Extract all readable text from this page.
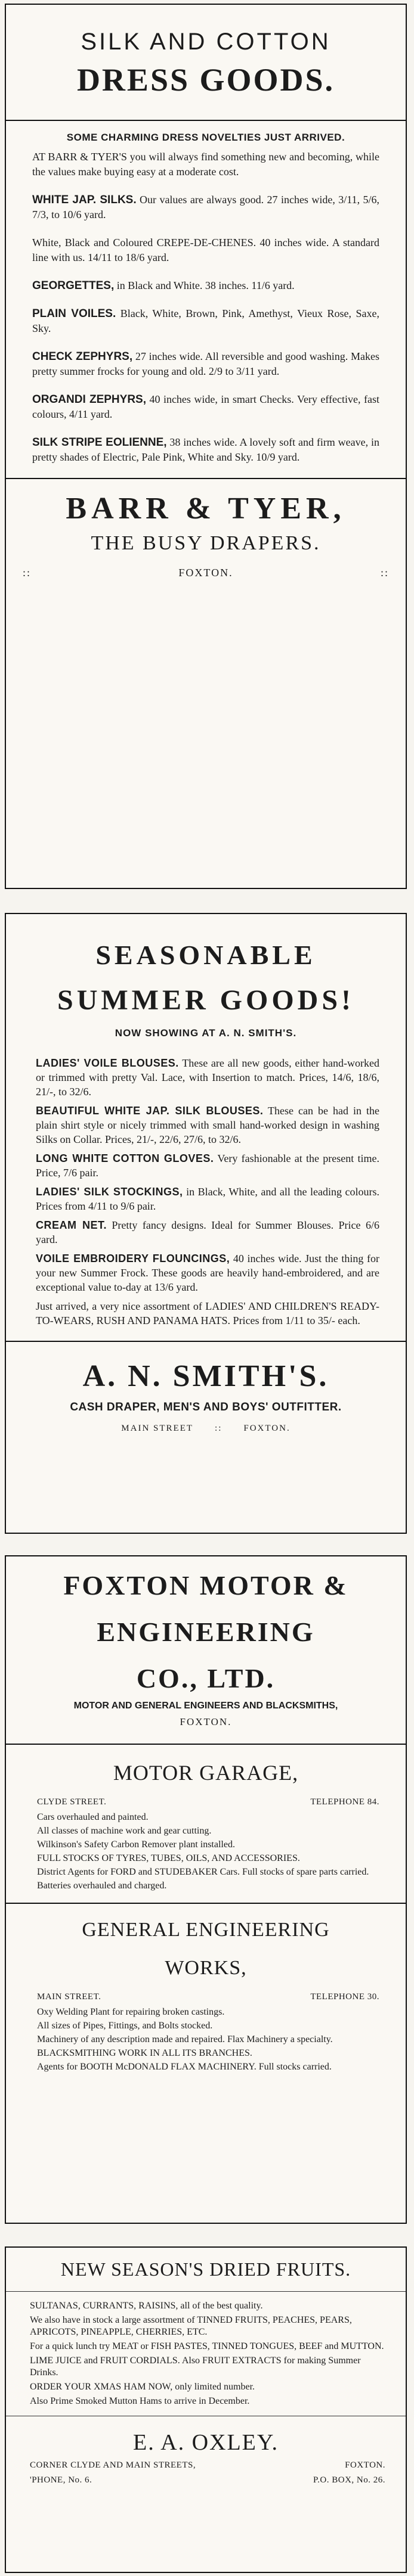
SILK AND COTTON
DRESS GOODS.
SOME CHARMING DRESS NOVELTIES JUST ARRIVED.
AT BARR & TYER'S you will always find something new and becoming, while the values make buying easy at a moderate cost.
WHITE JAP. SILKS. Our values are always good. 27 inches wide, 3/11, 5/6, 7/3, to 10/6 yard.
White, Black and Coloured CREPE-DE-CHENES. 40 inches wide. A standard line with us. 14/11 to 18/6 yard.
GEORGETTES, in Black and White. 38 inches. 11/6 yard.
PLAIN VOILES. Black, White, Brown, Pink, Amethyst, Vieux Rose, Saxe, Sky.
CHECK ZEPHYRS, 27 inches wide. All reversible and good washing. Makes pretty summer frocks for young and old. 2/9 to 3/11 yard.
ORGANDI ZEPHYRS, 40 inches wide, in smart Checks. Very effective, fast colours, 4/11 yard.
SILK STRIPE EOLIENNE, 38 inches wide. A lovely soft and firm weave, in pretty shades of Electric, Pale Pink, White and Sky. 10/9 yard.
BARR & TYER,
THE BUSY DRAPERS.
::	FOXTON.	::
SEASONABLE
SUMMER GOODS!
NOW SHOWING AT A. N. SMITH'S.
LADIES' VOILE BLOUSES. These are all new goods, either hand-worked or trimmed with pretty Val. Lace, with Insertion to match. Prices, 14/6, 18/6, 21/-, to 32/6.
BEAUTIFUL WHITE JAP. SILK BLOUSES. These can be had in the plain shirt style or nicely trimmed with small hand-worked design in washing Silks on Collar. Prices, 21/-, 22/6, 27/6, to 32/6.
LONG WHITE COTTON GLOVES. Very fashionable at the present time. Price, 7/6 pair.
LADIES' SILK STOCKINGS, in Black, White, and all the leading colours. Prices from 4/11 to 9/6 pair.
CREAM NET. Pretty fancy designs. Ideal for Summer Blouses. Price 6/6 yard.
VOILE EMBROIDERY FLOUNCINGS, 40 inches wide. Just the thing for your new Summer Frock. These goods are heavily hand-embroidered, and are exceptional value to-day at 13/6 yard.
Just arrived, a very nice assortment of LADIES' AND CHILDREN'S READY-TO-WEARS, RUSH AND PANAMA HATS. Prices from 1/11 to 35/- each.
A. N. SMITH'S.
CASH DRAPER, MEN'S AND BOYS' OUTFITTER.
MAIN STREET :: FOXTON.
FOXTON MOTOR &
ENGINEERING
CO., LTD.
MOTOR AND GENERAL ENGINEERS AND BLACKSMITHS,
FOXTON.
MOTOR GARAGE,
CLYDE STREET.	TELEPHONE 84.
Cars overhauled and painted.
All classes of machine work and gear cutting.
Wilkinson's Safety Carbon Remover plant installed.
FULL STOCKS OF TYRES, TUBES, OILS, AND ACCESSORIES.
District Agents for FORD and STUDEBAKER Cars. Full stocks of spare parts carried.
Batteries overhauled and charged.
GENERAL ENGINEERING
WORKS,
MAIN STREET.	TELEPHONE 30.
Oxy Welding Plant for repairing broken castings.
All sizes of Pipes, Fittings, and Bolts stocked.
Machinery of any description made and repaired. Flax Machinery a specialty.
BLACKSMITHING WORK IN ALL ITS BRANCHES.
Agents for BOOTH McDONALD FLAX MACHINERY. Full stocks carried.
NEW SEASON'S DRIED FRUITS.
SULTANAS, CURRANTS, RAISINS, all of the best quality.
We also have in stock a large assortment of TINNED FRUITS, PEACHES, PEARS, APRICOTS, PINEAPPLE, CHERRIES, ETC.
For a quick lunch try MEAT or FISH PASTES, TINNED TONGUES, BEEF and MUTTON.
LIME JUICE and FRUIT CORDIALS. Also FRUIT EXTRACTS for making Summer Drinks.
ORDER YOUR XMAS HAM NOW, only limited number.
Also Prime Smoked Mutton Hams to arrive in December.
E. A. OXLEY.
CORNER CLYDE AND MAIN STREETS,	FOXTON.
'PHONE, No. 6.	P.O. BOX, No. 26.
